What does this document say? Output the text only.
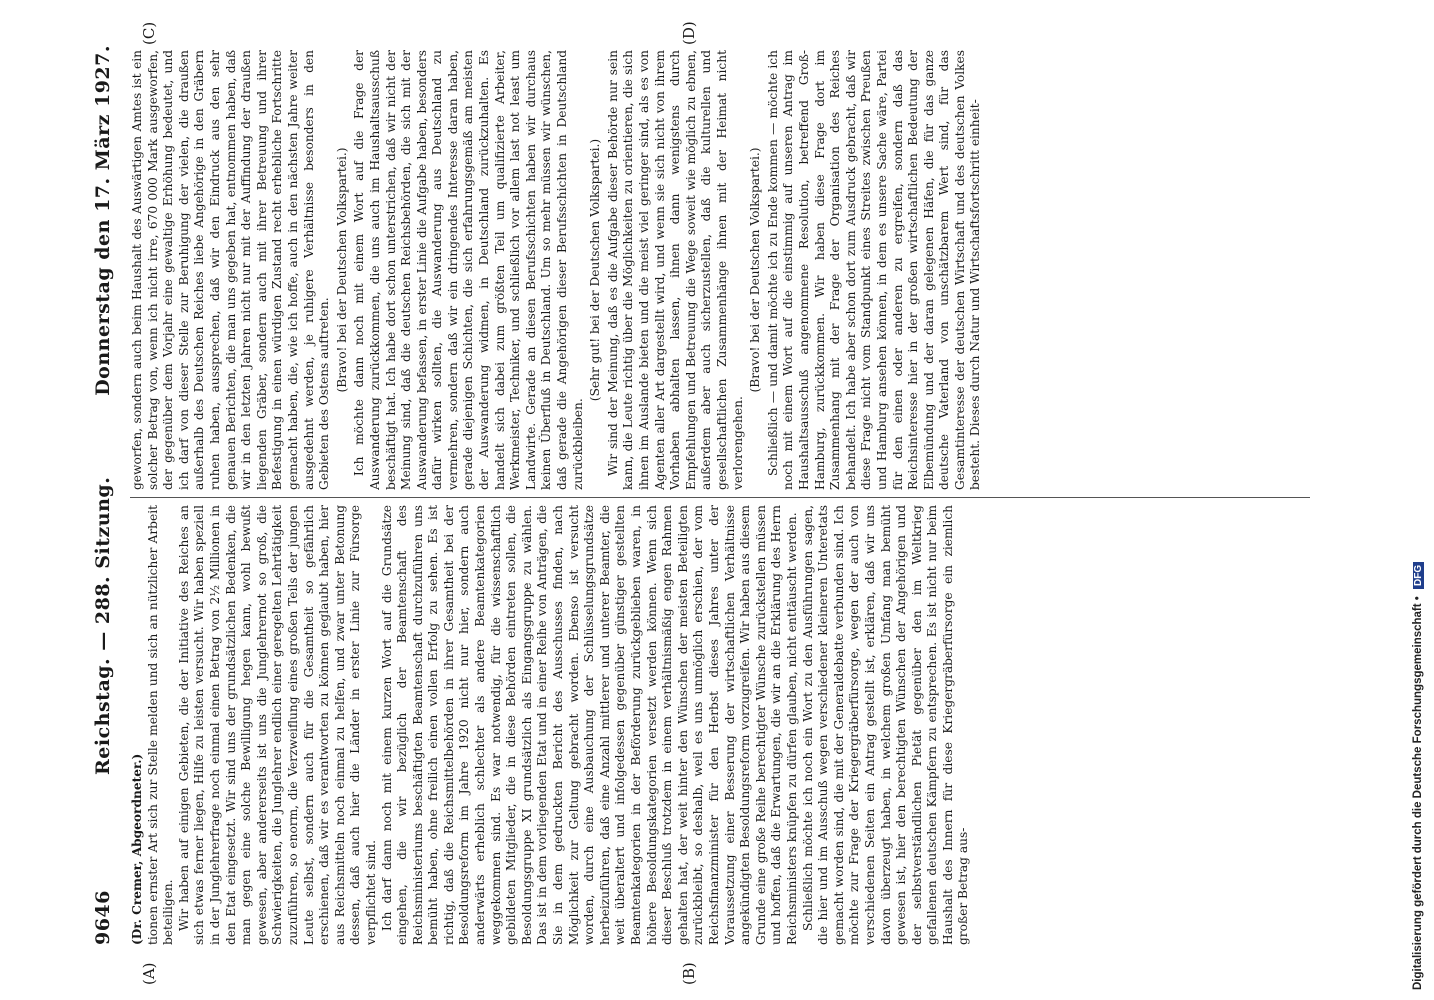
9646
Reichstag. — 288. Sitzung.
Donnerstag den 17. März 1927.
(A)	(B)
(C)	(D)

(Dr. Cremer, Abgeordneter.) tionen ernster Art sich zur Stelle melden und sich an nützlicher Arbeit beteiligen. Wir haben auf einigen Gebieten, die der Initiative des Reiches an sich etwas ferner liegen, Hilfe zu leisten versucht. Wir haben speziell in der Junglehrerfrage noch einmal einen Betrag von 2½ Millionen in den Etat eingesetzt. Wir sind uns der grundsätzlichen Bedenken, die man gegen eine solche Bewilligung hegen kann, wohl bewußt gewesen, aber andererseits ist uns die Junglehrernot so groß, die Schwierigkeiten, die Junglehrer endlich einer geregelten Lehrtätigkeit zuzuführen, so enorm, die Verzweiflung eines großen Teils der jungen Leute selbst, sondern auch für die Gesamtheit so gefährlich erschienen, daß wir es verantworten zu können geglaubt haben, hier aus Reichsmitteln noch einmal zu helfen, und zwar unter Betonung dessen, daß auch hier die Länder in erster Linie zur Fürsorge verpflichtet sind. Ich darf dann noch mit einem kurzen Wort auf die Grundsätze eingehen, die wir bezüglich der Beamtenschaft des Reichsministeriums beschäftigten Beamtenschaft durchzuführen uns bemüht haben, ohne freilich einen vollen Erfolg zu sehen. Es ist richtig, daß die Reichsmittelbehörden in ihrer Gesamtheit bei der Besoldungsreform im Jahre 1920 nicht nur hier, sondern auch anderwärts erheblich schlechter als andere Beamtenkategorien weggekommen sind. Es war notwendig, für die wissenschaftlich gebildeten Mitglieder, die in diese Behörden eintreten sollen, die Besoldungsgruppe XI grundsätzlich als Eingangsgruppe zu wählen. Das ist in dem vorliegenden Etat und in einer Reihe von Anträgen, die Sie in dem gedruckten Bericht des Ausschusses finden, nach Möglichkeit zur Geltung gebracht worden. Ebenso ist versucht worden, durch eine Ausbauchung der Schlüsselungsgrundsätze herbeizuführen, daß eine Anzahl mittlerer und unterer Beamter, die weit überaltert und infolgedessen gegenüber günstiger gestellten Beamtenkategorien in der Beförderung zurückgeblieben waren, in höhere Besoldungskategorien versetzt werden können. Wenn sich dieser Beschluß trotzdem in einem verhältnismäßig engen Rahmen gehalten hat, der weit hinter den Wünschen der meisten Beteiligten zurückbleibt, so deshalb, weil es uns unmöglich erschien, der vom Reichsfinanzminister für den Herbst dieses Jahres unter der Voraussetzung einer Besserung der wirtschaftlichen Verhältnisse angekündigten Besoldungsreform vorzugreifen. Wir haben aus diesem Grunde eine große Reihe berechtigter Wünsche zurückstellen müssen und hoffen, daß die Erwartungen, die wir an die Erklärung des Herrn Reichsministers knüpfen zu dürfen glauben, nicht enttäuscht werden. Schließlich möchte ich noch ein Wort zu den Ausführungen sagen, die hier und im Ausschuß wegen verschiedener kleineren Unteretats gemacht worden sind, die mit der Generaldebatte verbunden sind. Ich möchte zur Frage der Kriegergräberfürsorge, wegen der auch von verschiedenen Seiten ein Antrag gestellt ist, erklären, daß wir uns davon überzeugt haben, in welchem großen Umfang man bemüht gewesen ist, hier den berechtigten Wünschen der Angehörigen und der selbstverständlichen Pietät gegenüber den im Weltkrieg gefallenen deutschen Kämpfern zu entsprechen. Es ist nicht nur beim Haushalt des Innern für diese Kriegergräberfürsorge ein ziemlich großer Betrag aus-

geworfen, sondern auch beim Haushalt des Auswärtigen Amtes ist ein solcher Betrag von, wenn ich nicht irre, 670 000 Mark ausgeworfen, der gegenüber dem Vorjahr eine gewaltige Erhöhung bedeutet, und ich darf von dieser Stelle zur Beruhigung der vielen, die draußen außerhalb des Deutschen Reiches liebe Angehörige in den Gräbern ruhen haben, aussprechen, daß wir den Eindruck aus den sehr genauen Berichten, die man uns gegeben hat, entnommen haben, daß wir in den letzten Jahren nicht nur mit der Auffindung der draußen liegenden Gräber, sondern auch mit ihrer Betreuung und ihrer Befestigung in einen würdigen Zustand recht erhebliche Fortschritte gemacht haben, die, wie ich hoffe, auch in den nächsten Jahre weiter ausgedehnt werden, je ruhigere Verhältnisse besonders in den Gebieten des Ostens auftreten.

(Bravo! bei der Deutschen Volkspartei.) Ich möchte dann noch mit einem Wort auf die Frage der Auswanderung zurückkommen, die uns auch im Haushaltsausschuß beschäftigt hat. Ich habe dort schon unterstrichen, daß wir nicht der Meinung sind, daß die deutschen Reichsbehörden, die sich mit der Auswanderung befassen, in erster Linie die Aufgabe haben, besonders dafür wirken sollten, die Auswanderung aus Deutschland zu vermehren, sondern daß wir ein dringendes Interesse daran haben, gerade diejenigen Schichten, die sich erfahrungsgemäß am meisten der Auswanderung widmen, in Deutschland zurückzuhalten. Es handelt sich dabei zum größten Teil um qualifizierte Arbeiter, Werkmeister, Techniker, und schließlich vor allem last not least um Landwirte. Gerade an diesen Berufsschichten haben wir durchaus keinen Überfluß in Deutschland. Um so mehr müssen wir wünschen, daß gerade die Angehörigen dieser Berufsschichten in Deutschland zurückbleiben.

(Sehr gut! bei der Deutschen Volkspartei.) Wir sind der Meinung, daß es die Aufgabe dieser Behörde nur sein kann, die Leute richtig über die Möglichkeiten zu orientieren, die sich ihnen im Auslande bieten und die meist viel geringer sind, als es von Agenten aller Art dargestellt wird, und wenn sie sich nicht von ihrem Vorhaben abhalten lassen, ihnen dann wenigstens durch Empfehlungen und Betreuung die Wege soweit wie möglich zu ebnen, außerdem aber auch sicherzustellen, daß die kulturellen und gesellschaftlichen Zusammenhänge ihnen mit der Heimat nicht verlorengehen.

(Bravo! bei der Deutschen Volkspartei.) Schließlich — und damit möchte ich zu Ende kommen — möchte ich noch mit einem Wort auf die einstimmig auf unseren Antrag im Haushaltsausschuß angenommene Resolution, betreffend Groß-Hamburg, zurückkommen. Wir haben diese Frage dort im Zusammenhang mit der Frage der Organisation des Reiches behandelt. Ich habe aber schon dort zum Ausdruck gebracht, daß wir diese Frage nicht vom Standpunkt eines Streites zwischen Preußen und Hamburg ansehen können, in dem es unsere Sache wäre, Partei für den einen oder anderen zu ergreifen, sondern daß das Reichsinteresse hier in der großen wirtschaftlichen Bedeutung der Elbemündung und der daran gelegenen Häfen, die für das ganze deutsche Vaterland von unschätzbarem Wert sind, für das Gesamtinteresse der deutschen Wirtschaft und des deutschen Volkes besteht. Dieses durch Natur und Wirtschaftsfortschritt einheit-

Digitalisierung gefördert durch die Deutsche Forschungsgemeinschaft • DFG
